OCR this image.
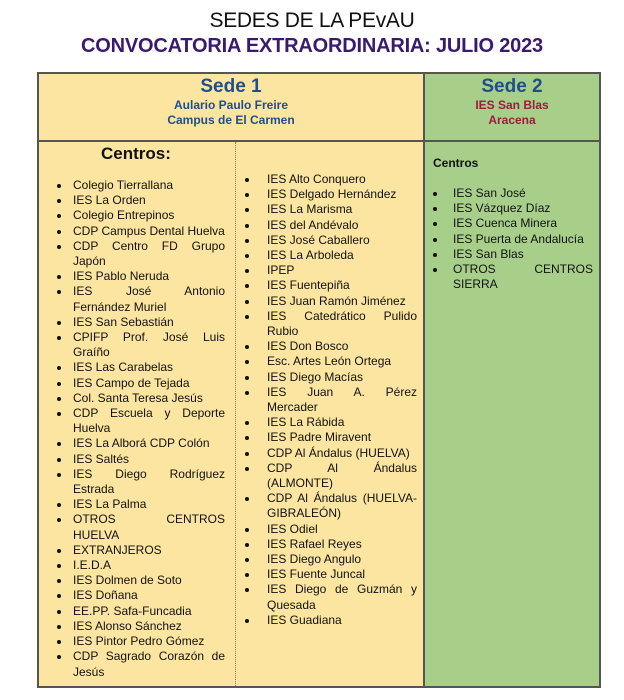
SEDES DE LA PEvAU
CONVOCATORIA EXTRAORDINARIA: JULIO 2023
Sede 1
Aulario Paulo Freire
Campus de El Carmen
Sede 2
IES San Blas
Aracena
Centros:
Colegio Tierrallana
IES La Orden
Colegio Entrepinos
CDP Campus Dental Huelva
CDP Centro FD Grupo Japón
IES Pablo Neruda
IES José Antonio Fernández Muriel
IES San Sebastián
CPIFP Prof. José Luis Graíño
IES Las Carabelas
IES Campo de Tejada
Col. Santa Teresa Jesús
CDP Escuela y Deporte Huelva
IES La Alborá CDP Colón
IES Saltés
IES Diego Rodríguez Estrada
IES La Palma
OTROS CENTROS HUELVA
EXTRANJEROS
I.E.D.A
IES Dolmen de Soto
IES Doñana
EE.PP. Safa-Funcadia
IES Alonso Sánchez
IES Pintor Pedro Gómez
CDP Sagrado Corazón de Jesús
IES Alto Conquero
IES Delgado Hernández
IES La Marisma
IES del Andévalo
IES José Caballero
IES La Arboleda
IPEP
IES Fuentepiña
IES Juan Ramón Jiménez
IES Catedrático Pulido Rubio
IES Don Bosco
Esc. Artes León Ortega
IES Diego Macías
IES Juan A. Pérez Mercader
IES La Rábida
IES Padre Miravent
CDP Al Ándalus (HUELVA)
CDP Al Ándalus (ALMONTE)
CDP Al Ándalus (HUELVA-GIBRALEÓN)
IES Odiel
IES Rafael Reyes
IES Diego Angulo
IES Fuente Juncal
IES Diego de Guzmán y Quesada
IES Guadiana
Centros
IES San José
IES Vázquez Díaz
IES Cuenca Minera
IES Puerta de Andalucía
IES San Blas
OTROS CENTROS SIERRA
